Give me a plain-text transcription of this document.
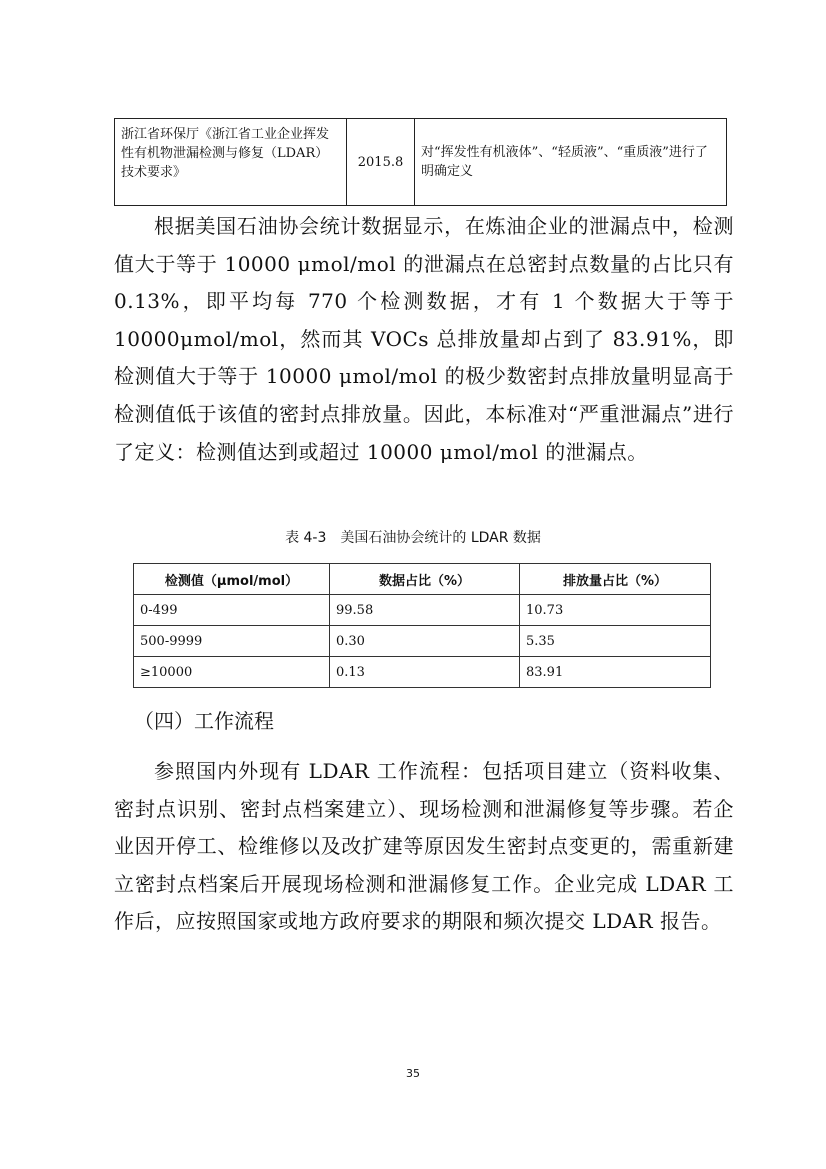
浙江省环保厅《浙江省工业企业挥发性有机物泄漏检测与修复（LDAR）技术要求》	2015.8	对“挥发性有机液体”、“轻质液”、“重质液”进行了明确定义

根据美国石油协会统计数据显示，在炼油企业的泄漏点中，检测值大于等于 10000 μmol/mol 的泄漏点在总密封点数量的占比只有 0.13%，即平均每 770 个检测数据，才有 1 个数据大于等于 10000μmol/mol，然而其 VOCs 总排放量却占到了 83.91%，即检测值大于等于 10000 μmol/mol 的极少数密封点排放量明显高于检测值低于该值的密封点排放量。因此，本标准对“严重泄漏点”进行了定义：检测值达到或超过 10000 μmol/mol 的泄漏点。

表 4-3　美国石油协会统计的 LDAR 数据
检测值（μmol/mol）	数据占比（%）	排放量占比（%）
0-499	99.58	10.73
500-9999	0.30	5.35
≥10000	0.13	83.91
（四）工作流程

参照国内外现有 LDAR 工作流程：包括项目建立（资料收集、密封点识别、密封点档案建立）、现场检测和泄漏修复等步骤。若企业因开停工、检维修以及改扩建等原因发生密封点变更的，需重新建立密封点档案后开展现场检测和泄漏修复工作。企业完成 LDAR 工作后，应按照国家或地方政府要求的期限和频次提交 LDAR 报告。

35
